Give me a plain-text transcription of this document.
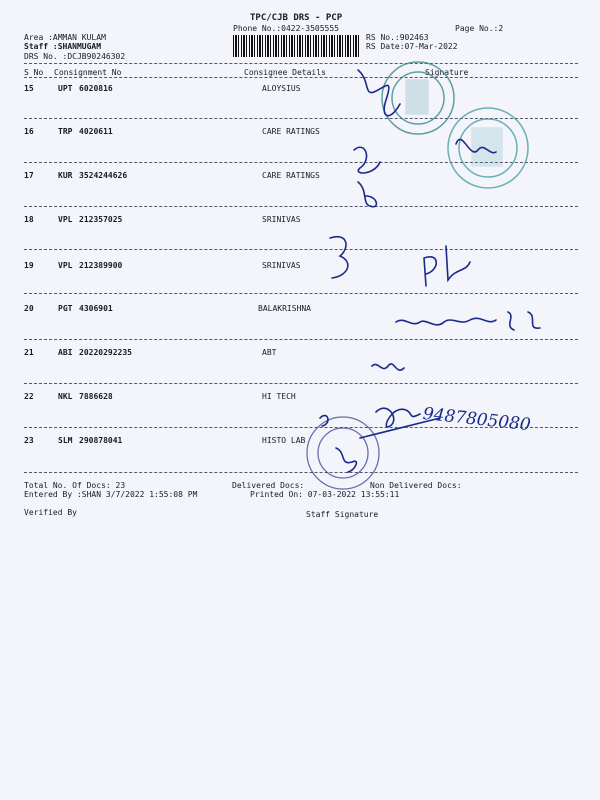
TPC/CJB DRS - PCP
Phone No.:0422-3505555	Page No.:2
Area :AMMAN KULAM
Staff :SHANMUGAM
DRS No. :DCJB90246302
RS No.:902463
RS Date:07-Mar-2022
S No Consignment No	Consignee Details	Signature
15	UPT 6020816	ALOYSIUS
16	TRP 4020611	CARE RATINGS
17	KUR 3524244626	CARE RATINGS
18	VPL 212357025	SRINIVAS
19	VPL 212389900	SRINIVAS
20	PGT 4306901	BALAKRISHNA
21	ABI 20220292235	ABT
22	NKL 7886628	HI TECH
23	SLM 290878041	HISTO LAB
9487805080
Total No. Of Docs: 23	Delivered Docs:	Non Delivered Docs:
Entered By :SHAN 3/7/2022 1:55:08 PM	Printed On: 07-03-2022 13:55:11
Verified By	Staff Signature
